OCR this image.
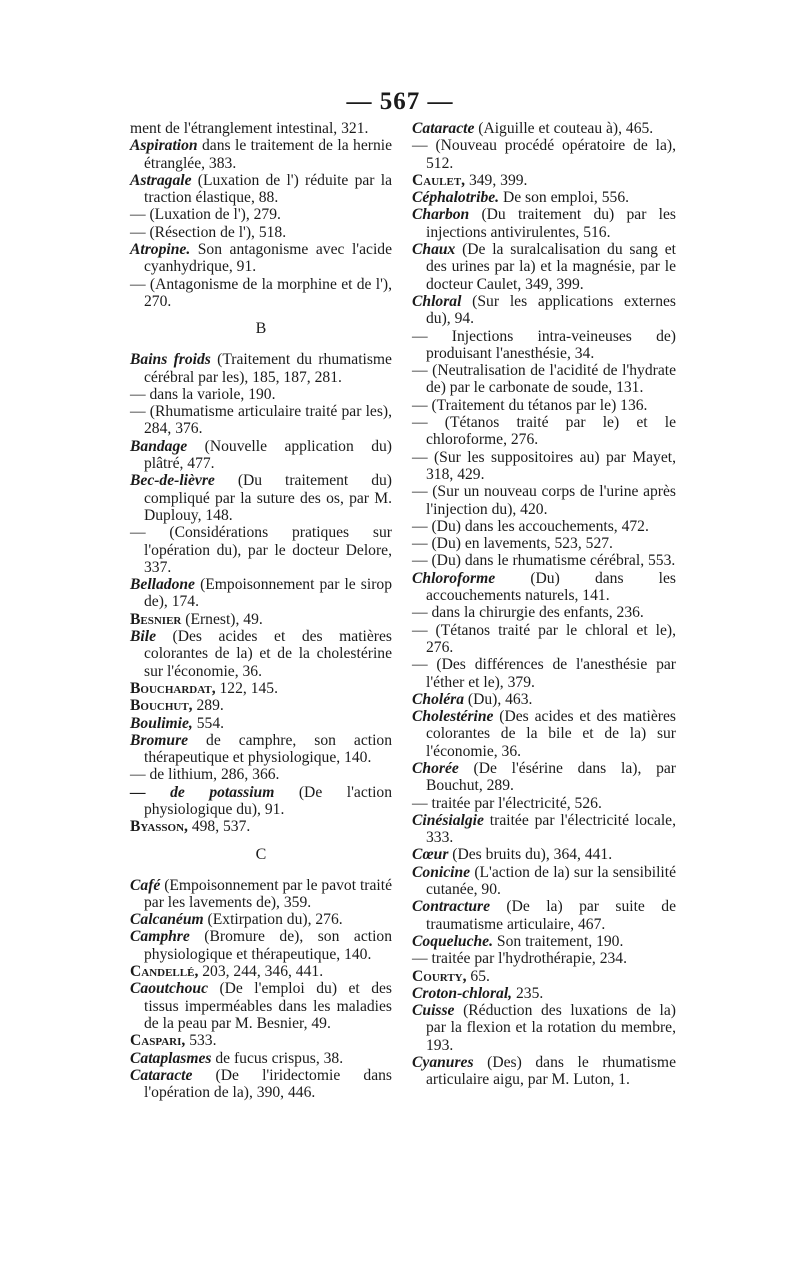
— 567 —
ment de l'étranglement intestinal, 321.
Aspiration dans le traitement de la hernie étranglée, 383.
Astragale (Luxation de l') réduite par la traction élastique, 88.
— (Luxation de l'), 279.
— (Résection de l'), 518.
Atropine. Son antagonisme avec l'acide cyanhydrique, 91.
— (Antagonisme de la morphine et de l'), 270.
B
Bains froids (Traitement du rhumatisme cérébral par les), 185, 187, 281.
— dans la variole, 190.
— (Rhumatisme articulaire traité par les), 284, 376.
Bandage (Nouvelle application du) plâtré, 477.
Bec-de-lièvre (Du traitement du) compliqué par la suture des os, par M. Duplouy, 148.
— (Considérations pratiques sur l'opération du), par le docteur Delore, 337.
Belladone (Empoisonnement par le sirop de), 174.
Besnier (Ernest), 49.
Bile (Des acides et des matières colorantes de la) et de la cholestérine sur l'économie, 36.
Bouchardat, 122, 145.
Bouchut, 289.
Boulimie, 554.
Bromure de camphre, son action thérapeutique et physiologique, 140.
— de lithium, 286, 366.
— de potassium (De l'action physiologique du), 91.
Byasson, 498, 537.
C
Café (Empoisonnement par le pavot traité par les lavements de), 359.
Calcanéum (Extirpation du), 276.
Camphre (Bromure de), son action physiologique et thérapeutique, 140.
Candellé, 203, 244, 346, 441.
Caoutchouc (De l'emploi du) et des tissus imperméables dans les maladies de la peau par M. Besnier, 49.
Caspari, 533.
Cataplasmes de fucus crispus, 38.
Cataracte (De l'iridectomie dans l'opération de la), 390, 446.
Cataracte (Aiguille et couteau à), 465.
— (Nouveau procédé opératoire de la), 512.
Caulet, 349, 399.
Céphalotribe. De son emploi, 556.
Charbon (Du traitement du) par les injections antivirulentes, 516.
Chaux (De la suralcalisation du sang et des urines par la) et la magnésie, par le docteur Caulet, 349, 399.
Chloral (Sur les applications externes du), 94.
— Injections intra-veineuses de) produisant l'anesthésie, 34.
— (Neutralisation de l'acidité de l'hydrate de) par le carbonate de soude, 131.
— (Traitement du tétanos par le) 136.
— (Tétanos traité par le) et le chloroforme, 276.
— (Sur les suppositoires au) par Mayet, 318, 429.
— (Sur un nouveau corps de l'urine après l'injection du), 420.
— (Du) dans les accouchements, 472.
— (Du) en lavements, 523, 527.
— (Du) dans le rhumatisme cérébral, 553.
Chloroforme (Du) dans les accouchements naturels, 141.
— dans la chirurgie des enfants, 236.
— (Tétanos traité par le chloral et le), 276.
— (Des différences de l'anesthésie par l'éther et le), 379.
Choléra (Du), 463.
Cholestérine (Des acides et des matières colorantes de la bile et de la) sur l'économie, 36.
Chorée (De l'ésérine dans la), par Bouchut, 289.
— traitée par l'électricité, 526.
Cinésialgie traitée par l'électricité locale, 333.
Cœur (Des bruits du), 364, 441.
Conicine (L'action de la) sur la sensibilité cutanée, 90.
Contracture (De la) par suite de traumatisme articulaire, 467.
Coqueluche. Son traitement, 190.
— traitée par l'hydrothérapie, 234.
Courty, 65.
Croton-chloral, 235.
Cuisse (Réduction des luxations de la) par la flexion et la rotation du membre, 193.
Cyanures (Des) dans le rhumatisme articulaire aigu, par M. Luton, 1.
